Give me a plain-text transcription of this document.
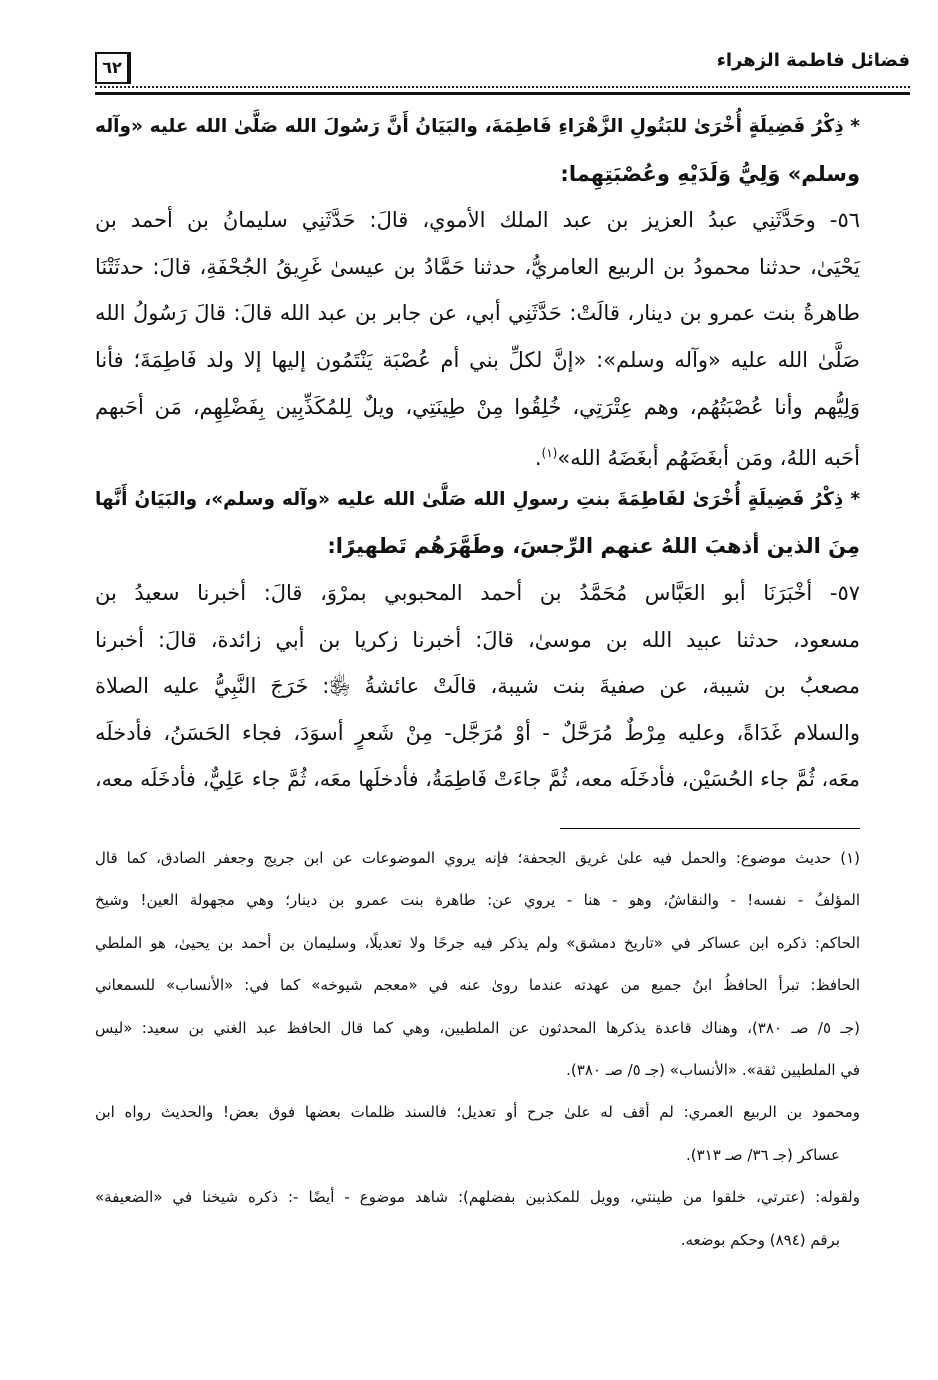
فضائل فاطمة الزهراء
٦٢
* ذِكْرُ فَضِيلَةٍ أُخْرَىٰ للبَتُولِ الزَّهْرَاءِ فَاطِمَةَ، والبَيَانُ أَنَّ رَسُولَ الله صَلَّىٰ الله عليه «وآله
وسلم» وَلِيُّ وَلَدَيْهِ وعُصْبَتِهِما:
٥٦- وحَدَّثَنِي عبدُ العزيز بن عبد الملك الأموي، قالَ: حَدَّثَنِي سليمانُ بن أحمد بن
يَحْيَىٰ، حدثنا محمودُ بن الربيع العامريُّ، حدثنا حَمَّادُ بن عيسىٰ غَرِيقُ الجُحْفَةِ، قالَ: حدثَتْنَا
طاهرةُ بنت عمرو بن دينار، قالَتْ: حَدَّثَنِي أبي، عن جابر بن عبد الله قالَ: قالَ رَسُولُ الله
صَلَّىٰ الله عليه «وآله وسلم»: «إنَّ لكلِّ بني أم عُصْبَة يَنْتَمُون إليها إلا ولد فَاطِمَةَ؛ فأنا
وَلِيُّهم وأنا عُصْبَتُهُم، وهم عِتْرَتِي، خُلِقُوا مِنْ طِينَتِي، ويلٌ لِلمُكَذِّبِين بِفَضْلِهِم، مَن أحَبهم
أحَبه اللهُ، ومَن أبغَضَهُم أبغَضَهُ الله»$^{(١)}$.
* ذِكْرُ فَضِيلَةٍ أُخْرَىٰ لفَاطِمَةَ بنتِ رسولِ الله صَلَّىٰ الله عليه «وآله وسلم»، والبَيَانُ أَنَّها
مِنَ الذين أذهبَ اللهُ عنهم الرِّجسَ، وطَهَّرَهُم تَطهيرًا:
٥٧- أخْبَرَنَا أبو العَبَّاس مُحَمَّدُ بن أحمد المحبوبي بمرْوَ، قالَ: أخبرنا سعيدُ بن
مسعود، حدثنا عبيد الله بن موسىٰ، قالَ: أخبرنا زكريا بن أبي زائدة، قالَ: أخبرنا
مصعبُ بن شيبة، عن صفيةَ بنت شيبة، قالَتْ عائشةُ ﵂: خَرَجَ النَّبِيُّ عليه الصلاة
والسلام غَدَاةً، وعليه مِرْطٌ مُرَحَّلٌ - أوْ مُرَجَّل- مِنْ شَعرٍ أسوَدَ، فجاء الحَسَنُ، فأدخلَه
معَه، ثُمَّ جاء الحُسَيْن، فأدخَلَه معه، ثُمَّ جاءَتْ فَاطِمَةُ، فأدخلَها معَه، ثُمَّ جاء عَلِيٌّ، فأدخَلَه معه،
(١) حديث موضوع: والحمل فيه علىٰ غريق الجحفة؛ فإنه يروي الموضوعات عن ابن جريج وجعفر الصادق، كما قال
المؤلفُ - نفسه! - والنقاشُ، وهو - هنا - يروي عن: طاهرة بنت عمرو بن دينار؛ وهي مجهولة العين! وشيخ
الحاكم: ذكره ابن عساكر في «تاريخ دمشق» ولم يذكر فيه جرحًا ولا تعديلًا، وسليمان بن أحمد بن يحيىٰ، هو الملطي
الحافظ: تبرأ الحافظُ ابنُ جميع من عهدته عندما روىٰ عنه في «معجم شيوخه» كما في: «الأنساب» للسمعاني
(جـ ٥/ صـ ٣٨٠)، وهناك قاعدة يذكرها المحدثون عن الملطيين، وهي كما قال الحافظ عبد الغني بن سعيد: «ليس
في الملطيين ثقة». «الأنساب» (جـ ٥/ صـ ٣٨٠).
ومحمود بن الربيع العمري: لم أقف له علىٰ جرح أو تعديل؛ فالسند ظلمات بعضها فوق بعض! والحديث رواه ابن
عساكر (جـ ٣٦/ صـ ٣١٣).
ولقوله: (عترتي، خلقوا من طينتي، وويل للمكذبين بفضلهم): شاهد موضوع - أيضًا -: ذكره شيخنا في «الضعيفة»
برقم (٨٩٤) وحكم بوضعه.
